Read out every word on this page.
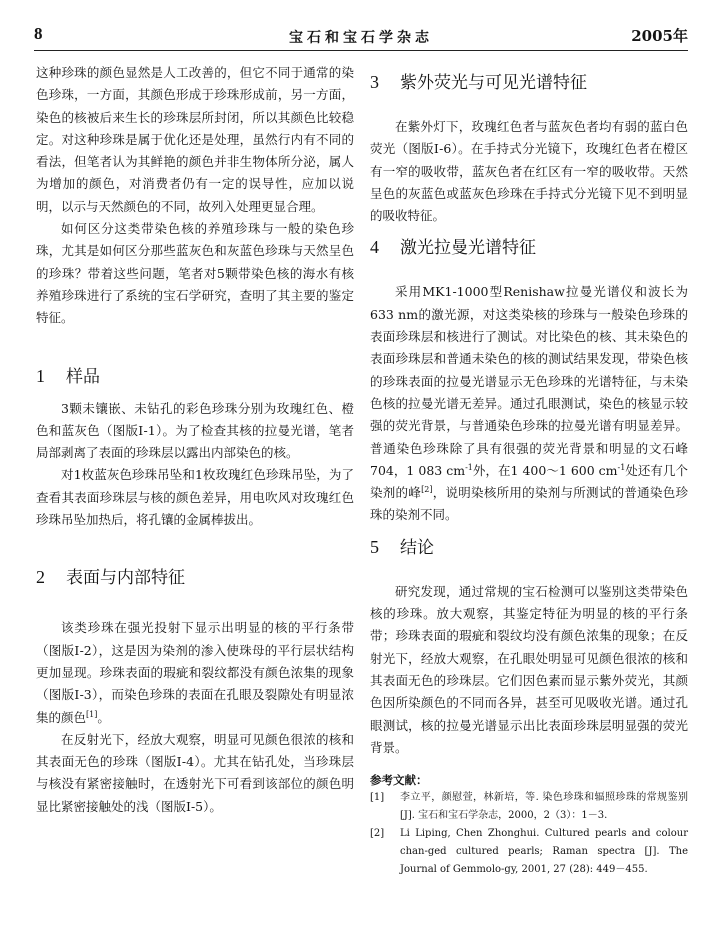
8	宝石和宝石学杂志	2005年

这种珍珠的颜色显然是人工改善的，但它不同于通常的染色珍珠，一方面，其颜色形成于珍珠形成前，另一方面，染色的核被后来生长的珍珠层所封闭，所以其颜色比较稳定。对这种珍珠是属于优化还是处理，虽然行内有不同的看法，但笔者认为其鲜艳的颜色并非生物体所分泌，属人为增加的颜色，对消费者仍有一定的误导性，应加以说明，以示与天然颜色的不同，故列入处理更显合理。

如何区分这类带染色核的养殖珍珠与一般的染色珍珠，尤其是如何区分那些蓝灰色和灰蓝色珍珠与天然呈色的珍珠？带着这些问题，笔者对5颗带染色核的海水有核养殖珍珠进行了系统的宝石学研究，查明了其主要的鉴定特征。

1 样品

3颗未镶嵌、未钻孔的彩色珍珠分别为玫瑰红色、橙色和蓝灰色（图版Ⅰ-1）。为了检查其核的拉曼光谱，笔者局部剥离了表面的珍珠层以露出内部染色的核。

对1枚蓝灰色珍珠吊坠和1枚玫瑰红色珍珠吊坠，为了查看其表面珍珠层与核的颜色差异，用电吹风对玫瑰红色珍珠吊坠加热后，将孔镶的金属棒拔出。

2 表面与内部特征

该类珍珠在强光投射下显示出明显的核的平行条带（图版Ⅰ-2），这是因为染剂的渗入使珠母的平行层状结构更加显现。珍珠表面的瑕疵和裂纹都没有颜色浓集的现象（图版Ⅰ-3），而染色珍珠的表面在孔眼及裂隙处有明显浓集的颜色[1]。

在反射光下，经放大观察，明显可见颜色很浓的核和其表面无色的珍珠（图版Ⅰ-4）。尤其在钻孔处，当珍珠层与核没有紧密接触时，在透射光下可看到该部位的颜色明显比紧密接触处的浅（图版Ⅰ-5）。

3 紫外荧光与可见光谱特征

在紫外灯下，玫瑰红色者与蓝灰色者均有弱的蓝白色荧光（图版Ⅰ-6）。在手持式分光镜下，玫瑰红色者在橙区有一窄的吸收带，蓝灰色者在红区有一窄的吸收带。天然呈色的灰蓝色或蓝灰色珍珠在手持式分光镜下见不到明显的吸收特征。

4 激光拉曼光谱特征

采用MK1-1000型Renishaw拉曼光谱仪和波长为633 nm的激光源，对这类染核的珍珠与一般染色珍珠的表面珍珠层和核进行了测试。对比染色的核、其未染色的表面珍珠层和普通未染色的核的测试结果发现，带染色核的珍珠表面的拉曼光谱显示无色珍珠的光谱特征，与未染色核的拉曼光谱无差异。通过孔眼测试，染色的核显示较强的荧光背景，与普通染色珍珠的拉曼光谱有明显差异。普通染色珍珠除了具有很强的荧光背景和明显的文石峰704，1 083 $cm^{-1}$外，在1 400～1 600 $cm^{-1}$处还有几个染剂的峰[2]，说明染核所用的染剂与所测试的普通染色珍珠的染剂不同。

5 结论

研究发现，通过常规的宝石检测可以鉴别这类带染色核的珍珠。放大观察，其鉴定特征为明显的核的平行条带；珍珠表面的瑕疵和裂纹均没有颜色浓集的现象；在反射光下，经放大观察，在孔眼处明显可见颜色很浓的核和其表面无色的珍珠层。它们因色素而显示紫外荧光，其颜色因所染颜色的不同而各异，甚至可见吸收光谱。通过孔眼测试，核的拉曼光谱显示出比表面珍珠层明显强的荧光背景。

参考文献：
[1]	李立平，颜慰萱，林新培，等. 染色珍珠和辐照珍珠的常规鉴别[J]. 宝石和宝石学杂志，2000，2（3）：1－3.
[2]	Li Liping, Chen Zhonghui. Cultured pearls and colour chan-ged cultured pearls; Raman spectra [J]. The Journal of Gemmolo-gy, 2001, 27 (28): 449－455.
